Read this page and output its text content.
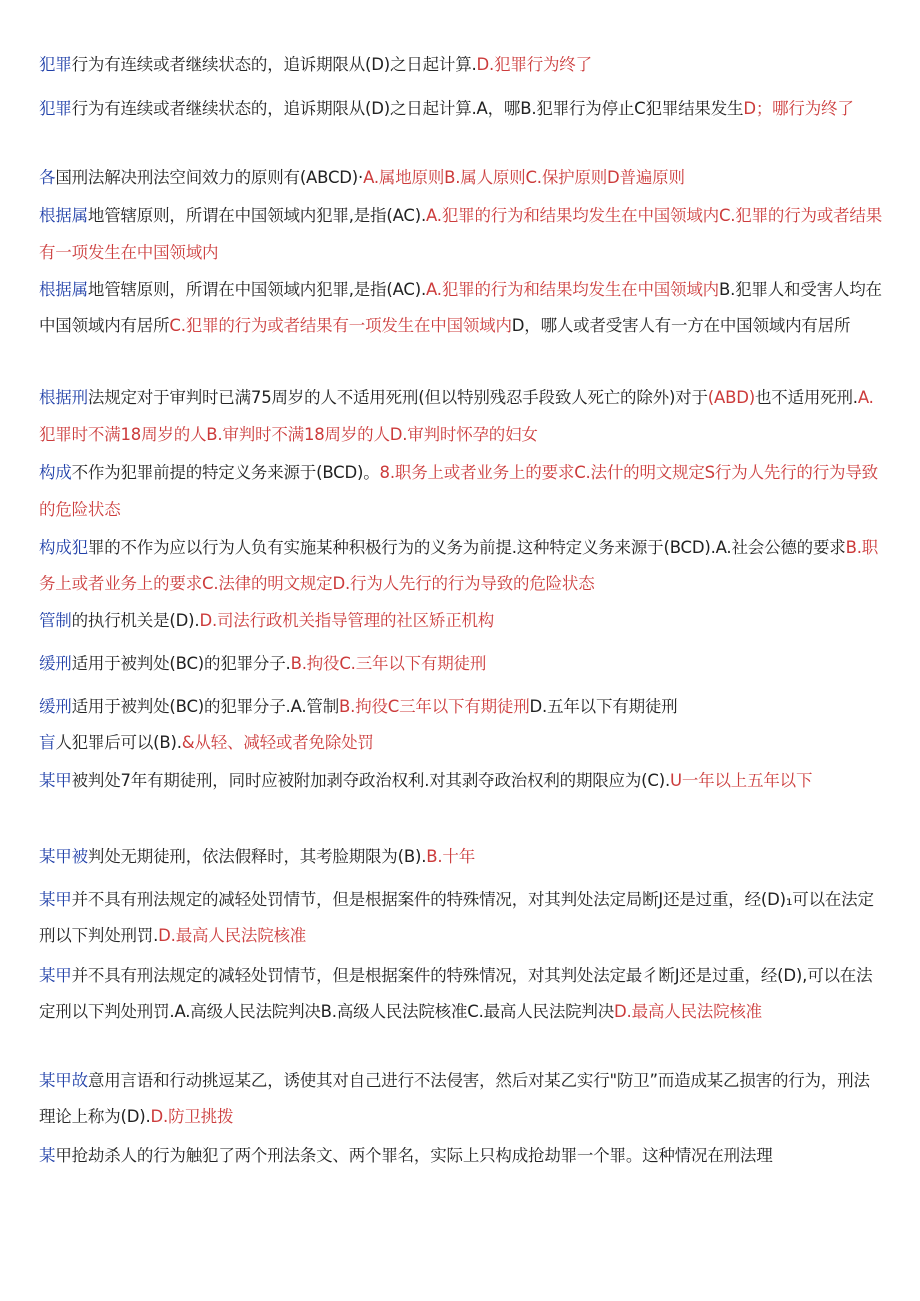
犯罪行为有连续或者继续状态的，追诉期限从(D)之日起计算.D.犯罪行为终了
犯罪行为有连续或者继续状态的，追诉期限从(D)之日起计算.A，哪B.犯罪行为停止C犯罪结果发生D；哪行为终了
各国刑法解决刑法空间效力的原则有(ABCD)·A.属地原则B.属人原则C.保护原则D普遍原则
根据属地管辖原则，所谓在中国领域内犯罪,是指(AC).A.犯罪的行为和结果均发生在中国领域内C.犯罪的行为或者结果有一项发生在中国领域内
根据属地管辖原则，所谓在中国领域内犯罪,是指(AC).A.犯罪的行为和结果均发生在中国领域内B.犯罪人和受害人均在中国领域内有居所C.犯罪的行为或者结果有一项发生在中国领域内D，哪人或者受害人有一方在中国领域内有居所
根据刑法规定对于审判时已满75周岁的人不适用死刑(但以特别残忍手段致人死亡的除外)对于(ABD)也不适用死刑.A.犯罪时不满18周岁的人B.审判时不满18周岁的人D.审判时怀孕的妇女
构成不作为犯罪前提的特定义务来源于(BCD)。8.职务上或者业务上的要求C.法什的明文规定S行为人先行的行为导致的危险状态
构成犯罪的不作为应以行为人负有实施某种积极行为的义务为前提.这种特定义务来源于(BCD).A.社会公德的要求B.职务上或者业务上的要求C.法律的明文规定D.行为人先行的行为导致的危险状态
管制的执行机关是(D).D.司法行政机关指导管理的社区矫正机构
缓刑适用于被判处(BC)的犯罪分子.B.拘役C.三年以下有期徒刑
缓刑适用于被判处(BC)的犯罪分子.A.管制B.拘役C三年以下有期徒刑D.五年以下有期徒刑
盲人犯罪后可以(B).&从轻、减轻或者免除处罚
某甲被判处7年有期徒刑，同时应被附加剥夺政治权利.对其剥夺政治权利的期限应为(C).U一年以上五年以下
某甲被判处无期徒刑，依法假释时，其考脸期限为(B).B.十年
某甲并不具有刑法规定的减轻处罚情节，但是根据案件的特殊情况，对其判处法定局断J还是过重，经(D)₁可以在法定刑以下判处刑罚.D.最高人民法院核准
某甲并不具有刑法规定的减轻处罚情节，但是根据案件的特殊情况，对其判处法定最彳断J还是过重，经(D),可以在法定刑以下判处刑罚.A.高级人民法院判决B.高级人民法院核准C.最高人民法院判决D.最高人民法院核准
某甲故意用言语和行动挑逗某乙，诱使其对自己进行不法侵害，然后对某乙实行"防卫”而造成某乙损害的行为，刑法理论上称为(D).D.防卫挑拨
某甲抢劫杀人的行为触犯了两个刑法条文、两个罪名，实际上只构成抢劫罪一个罪。这种情况在刑法理
